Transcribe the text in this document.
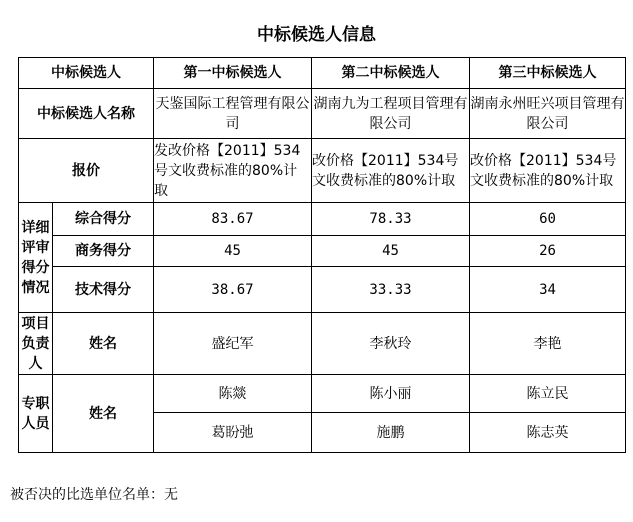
中标候选人信息
中标候选人		第一中标候选人	第二中标候选人	第三中标候选人
中标候选人名称		天鉴国际工程管理有限公司	湖南九为工程项目管理有限公司	湖南永州旺兴项目管理有限公司
报价		发改价格【2011】534号文收费标准的80%计取	改价格【2011】534号文收费标准的80%计取	改价格【2011】534号文收费标准的80%计取
详细评审得分情况	综合得分	83.67	78.33	60
	商务得分	45	45	26
	技术得分	38.67	33.33	34
项目负责人	姓名	盛纪军	李秋玲	李艳
专职人员	姓名	陈燚	陈小丽	陈立民
		葛盼弛	施鹏	陈志英
被否决的比选单位名单：无
